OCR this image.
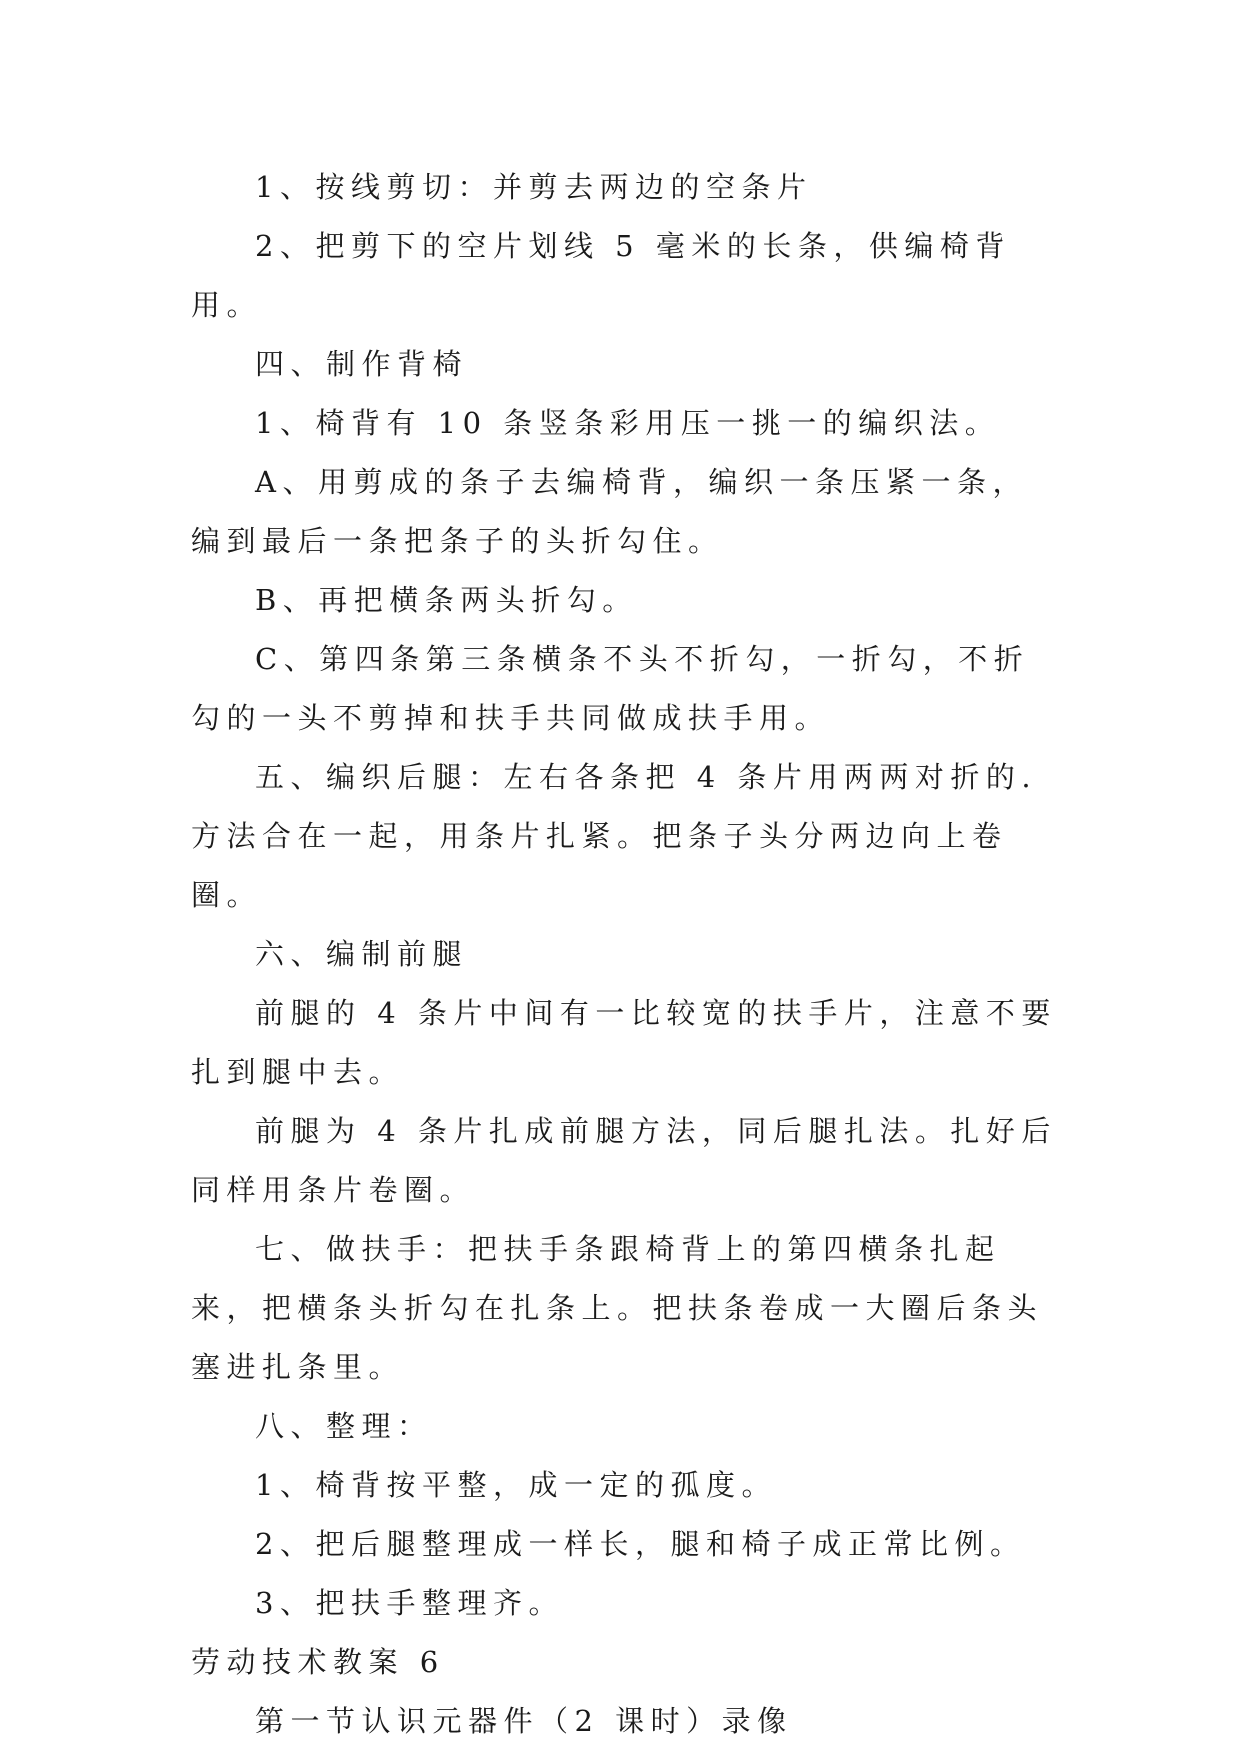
1、按线剪切：并剪去两边的空条片

2、把剪下的空片划线 5 毫米的长条，供编椅背用。

四、制作背椅

1、椅背有 10 条竖条彩用压一挑一的编织法。

A、用剪成的条子去编椅背，编织一条压紧一条，编到最后一条把条子的头折勾住。

B、再把横条两头折勾。

C、第四条第三条横条不头不折勾，一折勾，不折勾的一头不剪掉和扶手共同做成扶手用。

五、编织后腿：左右各条把 4 条片用两两对折的.方法合在一起，用条片扎紧。把条子头分两边向上卷圈。

六、编制前腿

前腿的 4 条片中间有一比较宽的扶手片，注意不要扎到腿中去。

前腿为 4 条片扎成前腿方法，同后腿扎法。扎好后同样用条片卷圈。

七、做扶手：把扶手条跟椅背上的第四横条扎起来，把横条头折勾在扎条上。把扶条卷成一大圈后条头塞进扎条里。

八、整理：

1、椅背按平整，成一定的孤度。

2、把后腿整理成一样长，腿和椅子成正常比例。

3、把扶手整理齐。

劳动技术教案 6

第一节认识元器件（2 课时）录像
